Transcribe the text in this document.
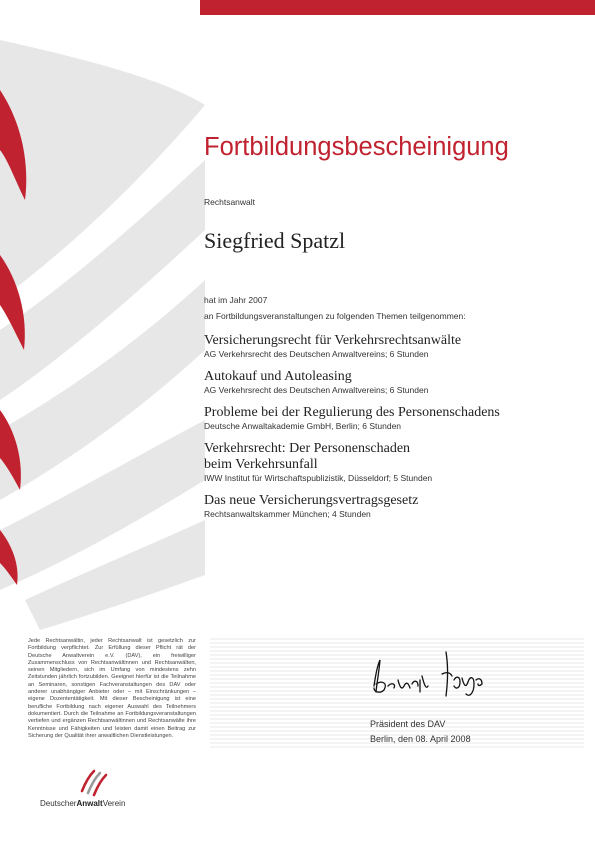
Fortbildungsbescheinigung
Rechtsanwalt
Siegfried Spatzl
hat im Jahr 2007
an Fortbildungsveranstaltungen zu folgenden Themen teilgenommen:
Versicherungsrecht für Verkehrsrechtsanwälte
AG Verkehrsrecht des Deutschen Anwaltvereins; 6 Stunden
Autokauf und Autoleasing
AG Verkehrsrecht des Deutschen Anwaltvereins; 6 Stunden
Probleme bei der Regulierung des Personenschadens
Deutsche Anwaltakademie GmbH, Berlin; 6 Stunden
Verkehrsrecht: Der Personenschaden beim Verkehrsunfall
IWW Institut für Wirtschaftspublizistik, Düsseldorf; 5 Stunden
Das neue Versicherungsvertragsgesetz
Rechtsanwaltskammer München; 4 Stunden
Jede Rechtsanwältin, jeder Rechtsanwalt ist gesetzlich zur Fortbildung verpflichtet. Zur Erfüllung dieser Pflicht rät der Deutsche Anwaltverein e.V. (DAV), ein freiwilliger Zusammenschluss von Rechtsanwältinnen und Rechtsanwälten, seinen Mitgliedern, sich im Umfang von mindestens zehn Zeitstunden jährlich fortzubilden. Geeignet hierfür ist die Teilnahme an Seminaren, sonstigen Fachveranstaltungen des DAV oder anderer unabhängiger Anbieter oder – mit Einschränkungen – eigene Dozententätigkeit. Mit dieser Bescheinigung ist eine berufliche Fortbildung nach eigener Auswahl des Teilnehmers dokumentiert. Durch die Teilnahme an Fortbildungsveranstaltungen vertiefen und ergänzen Rechtsanwältinnen und Rechtsanwälte ihre Kenntnisse und Fähigkeiten und leisten damit einen Beitrag zur Sicherung der Qualität ihrer anwaltlichen Dienstleistungen.
Präsident des DAV
Berlin, den 08. April 2008
DeutscherAnwaltVerein
